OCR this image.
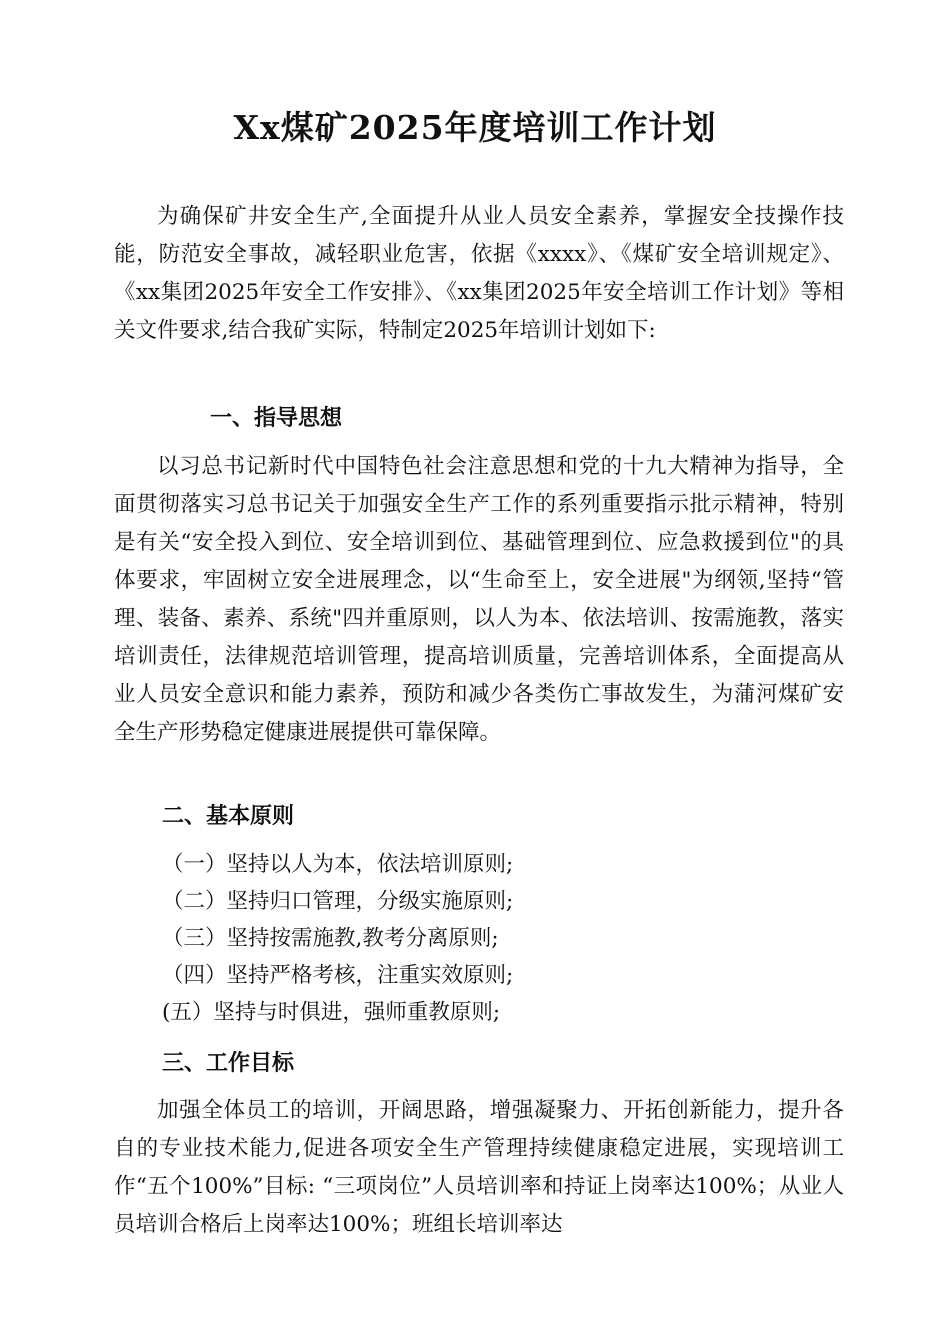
Xx煤矿2025年度培训工作计划

为确保矿井安全生产,全面提升从业人员安全素养，掌握安全技操作技能，防范安全事故，减轻职业危害，依据《xxxx》、《煤矿安全培训规定》、《xx集团2025年安全工作安排》、《xx集团2025年安全培训工作计划》等相关文件要求,结合我矿实际，特制定2025年培训计划如下:

一、指导思想

以习总书记新时代中国特色社会注意思想和党的十九大精神为指导，全面贯彻落实习总书记关于加强安全生产工作的系列重要指示批示精神，特别是有关“安全投入到位、安全培训到位、基础管理到位、应急救援到位"的具体要求，牢固树立安全进展理念，以“生命至上，安全进展"为纲领,坚持“管理、装备、素养、系统"四并重原则，以人为本、依法培训、按需施教，落实培训责任，法律规范培训管理，提高培训质量，完善培训体系，全面提高从业人员安全意识和能力素养，预防和减少各类伤亡事故发生，为蒲河煤矿安全生产形势稳定健康进展提供可靠保障。

二、基本原则
（一）坚持以人为本，依法培训原则;
（二）坚持归口管理，分级实施原则;
（三）坚持按需施教,教考分离原则;
（四）坚持严格考核，注重实效原则;
(五）坚持与时俱进，强师重教原则;
三、工作目标

加强全体员工的培训，开阔思路，增强凝聚力、开拓创新能力，提升各自的专业技术能力,促进各项安全生产管理持续健康稳定进展，实现培训工作“五个100%”目标: “三项岗位”人员培训率和持证上岗率达100%；从业人员培训合格后上岗率达100%；班组长培训率达
